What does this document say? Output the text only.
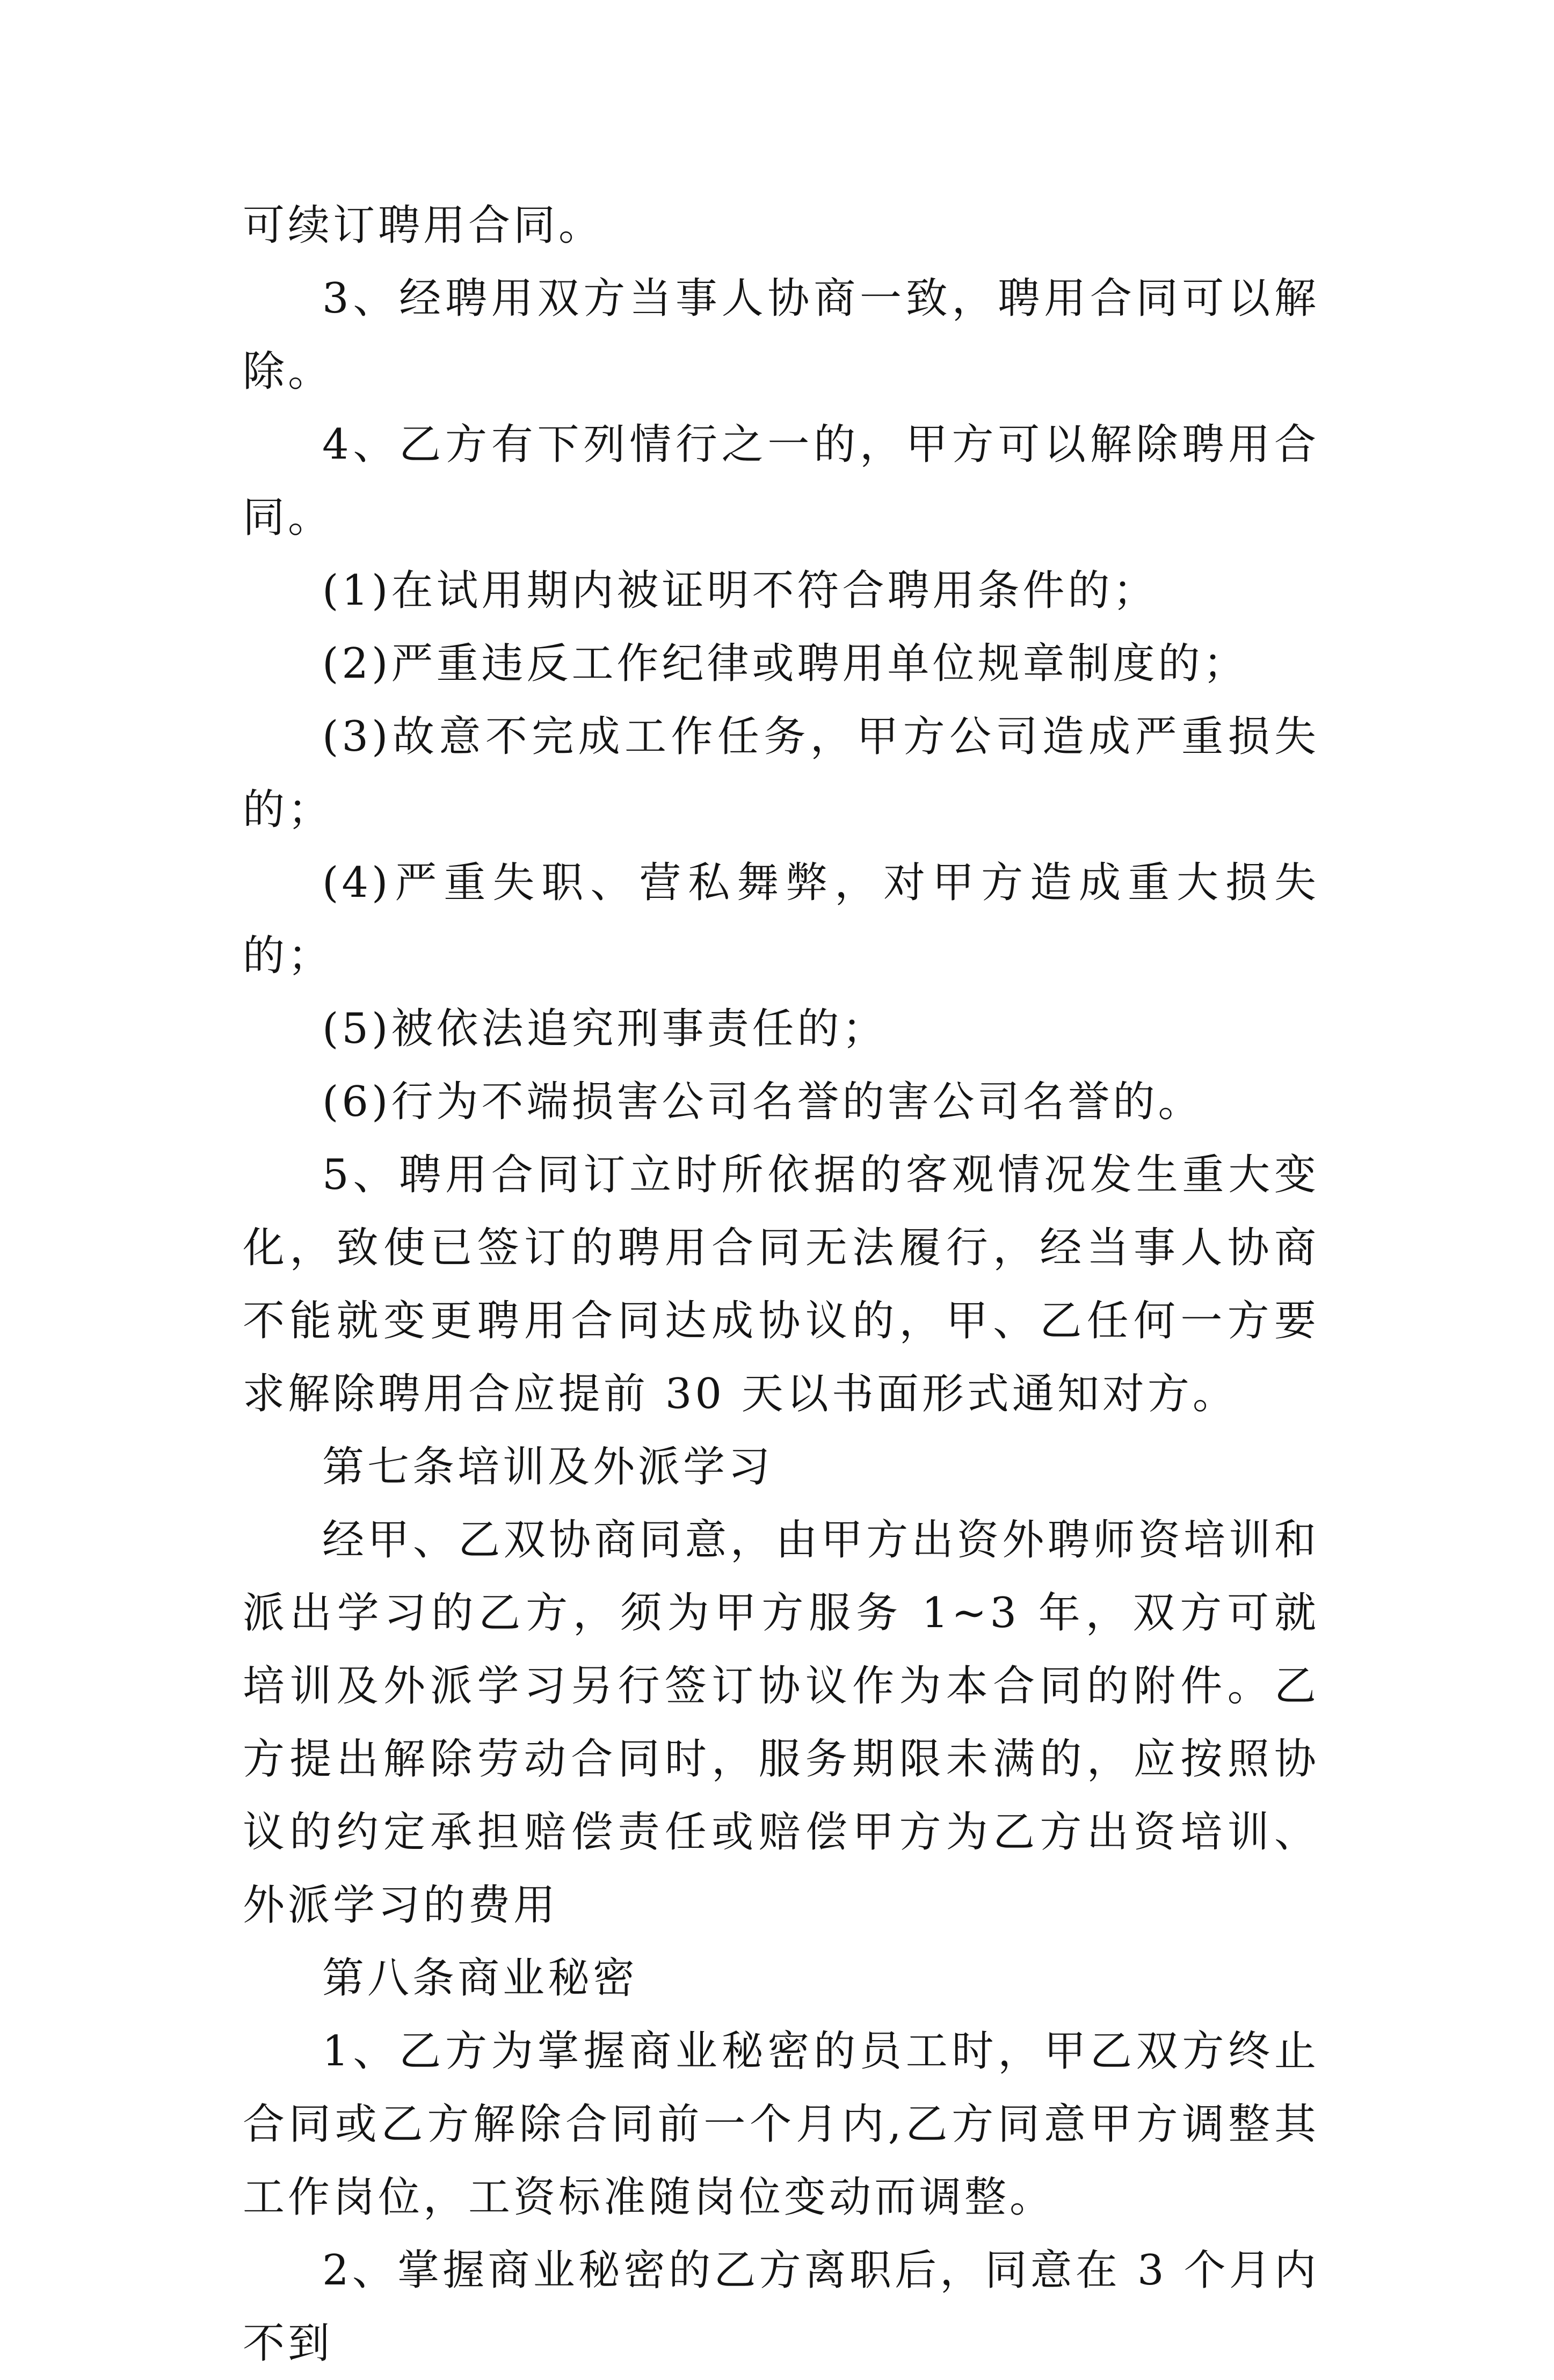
可续订聘用合同。

3、经聘用双方当事人协商一致，聘用合同可以解除。

4、乙方有下列情行之一的，甲方可以解除聘用合同。

(1)在试用期内被证明不符合聘用条件的；

(2)严重违反工作纪律或聘用单位规章制度的；

(3)故意不完成工作任务，甲方公司造成严重损失的；

(4)严重失职、营私舞弊，对甲方造成重大损失的；

(5)被依法追究刑事责任的；

(6)行为不端损害公司名誉的害公司名誉的。

5、聘用合同订立时所依据的客观情况发生重大变化，致使已签订的聘用合同无法履行，经当事人协商不能就变更聘用合同达成协议的，甲、乙任何一方要求解除聘用合应提前 30 天以书面形式通知对方。

第七条培训及外派学习

经甲、乙双协商同意，由甲方出资外聘师资培训和派出学习的乙方，须为甲方服务 1~3 年，双方可就培训及外派学习另行签订协议作为本合同的附件。乙方提出解除劳动合同时，服务期限未满的，应按照协议的约定承担赔偿责任或赔偿甲方为乙方出资培训、外派学习的费用

第八条商业秘密

1、乙方为掌握商业秘密的员工时，甲乙双方终止合同或乙方解除合同前一个月内,乙方同意甲方调整其工作岗位，工资标准随岗位变动而调整。

2、掌握商业秘密的乙方离职后，同意在 3 个月内不到
